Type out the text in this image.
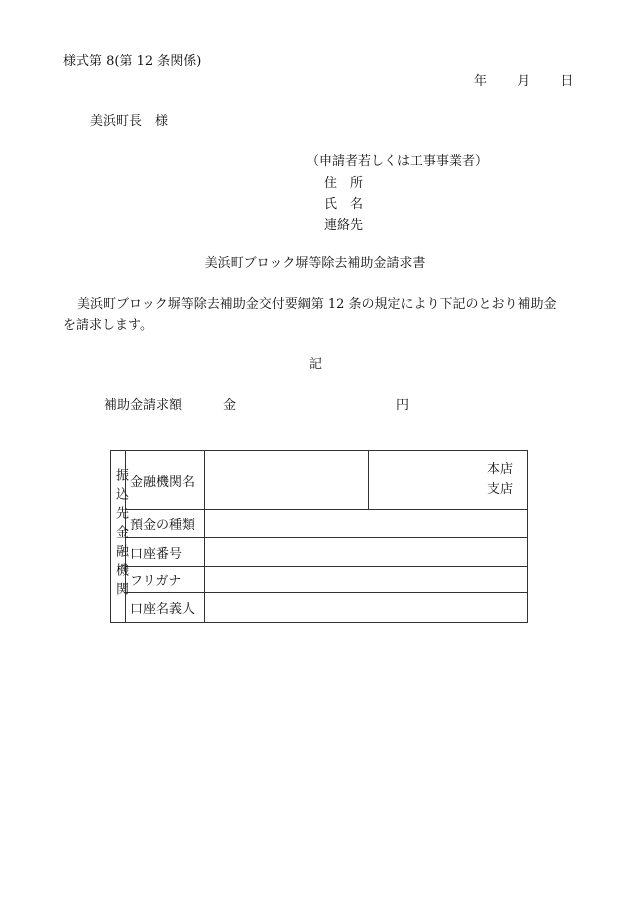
様式第 8(第 12 条関係)
年 月 日
美浜町長　様
（申請者若しくは工事事業者）
住　所
氏　名
連絡先
美浜町ブロック塀等除去補助金請求書
美浜町ブロック塀等除去補助金交付要綱第 12 条の規定により下記のとおり補助金
を請求します。
記
補助金請求額	金	円
振込先金融機関	金融機関名		本店
支店

	預金の種類		
	口座番号		
	フリガナ		
	口座名義人		
